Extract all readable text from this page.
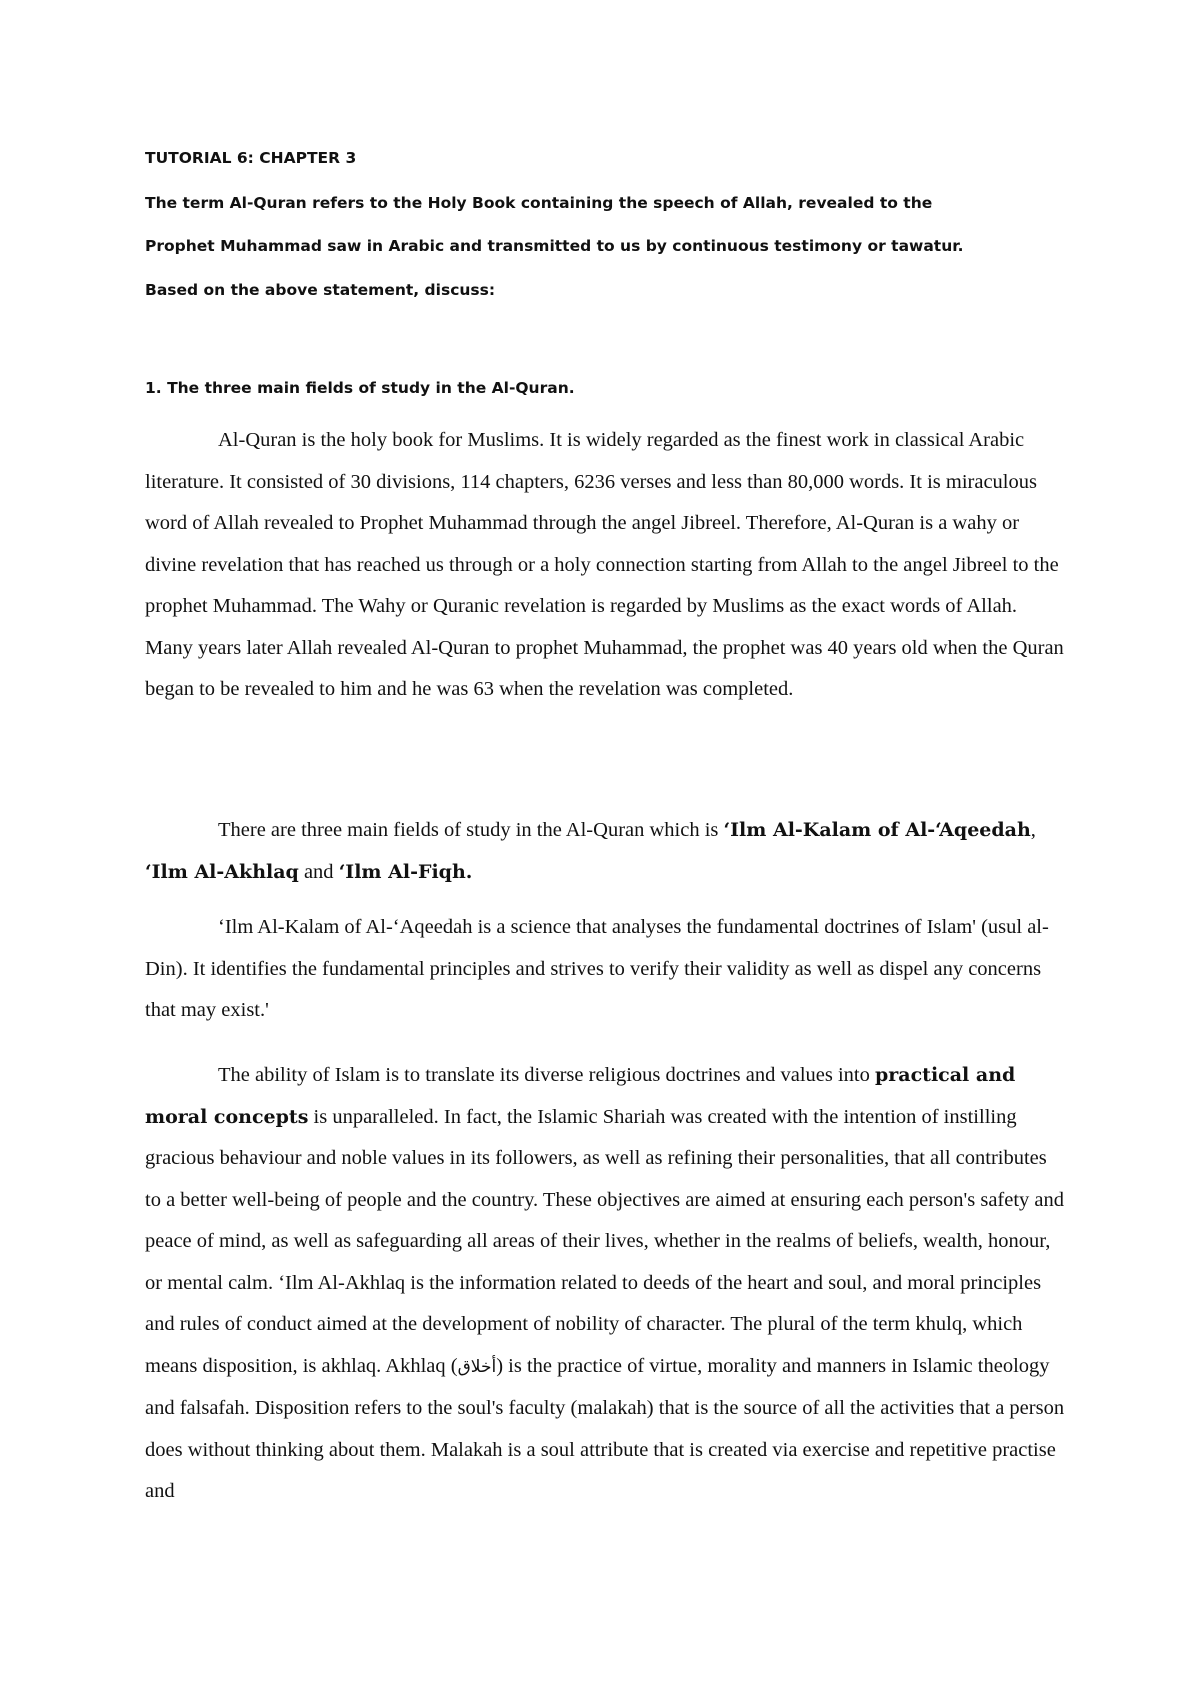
TUTORIAL 6: CHAPTER 3
The term Al-Quran refers to the Holy Book containing the speech of Allah, revealed to the
Prophet Muhammad saw in Arabic and transmitted to us by continuous testimony or tawatur.
Based on the above statement, discuss:
1. The three main fields of study in the Al-Quran.

Al-Quran is the holy book for Muslims. It is widely regarded as the finest work in classical Arabic literature. It consisted of 30 divisions, 114 chapters, 6236 verses and less than 80,000 words. It is miraculous word of Allah revealed to Prophet Muhammad through the angel Jibreel. Therefore, Al-Quran is a wahy or divine revelation that has reached us through or a holy connection starting from Allah to the angel Jibreel to the prophet Muhammad. The Wahy or Quranic revelation is regarded by Muslims as the exact words of Allah. Many years later Allah revealed Al-Quran to prophet Muhammad, the prophet was 40 years old when the Quran began to be revealed to him and he was 63 when the revelation was completed.

There are three main fields of study in the Al-Quran which is ‘Ilm Al-Kalam of Al-‘Aqeedah, ‘Ilm Al-Akhlaq and ‘Ilm Al-Fiqh.

‘Ilm Al-Kalam of Al-‘Aqeedah is a science that analyses the fundamental doctrines of Islam' (usul al-Din). It identifies the fundamental principles and strives to verify their validity as well as dispel any concerns that may exist.'

The ability of Islam is to translate its diverse religious doctrines and values into practical and moral concepts is unparalleled. In fact, the Islamic Shariah was created with the intention of instilling gracious behaviour and noble values in its followers, as well as refining their personalities, that all contributes to a better well-being of people and the country. These objectives are aimed at ensuring each person's safety and peace of mind, as well as safeguarding all areas of their lives, whether in the realms of beliefs, wealth, honour, or mental calm. ‘Ilm Al-Akhlaq is the information related to deeds of the heart and soul, and moral principles and rules of conduct aimed at the development of nobility of character. The plural of the term khulq, which means disposition, is akhlaq. Akhlaq (أخلاق) is the practice of virtue, morality and manners in Islamic theology and falsafah. Disposition refers to the soul's faculty (malakah) that is the source of all the activities that a person does without thinking about them. Malakah is a soul attribute that is created via exercise and repetitive practise and
